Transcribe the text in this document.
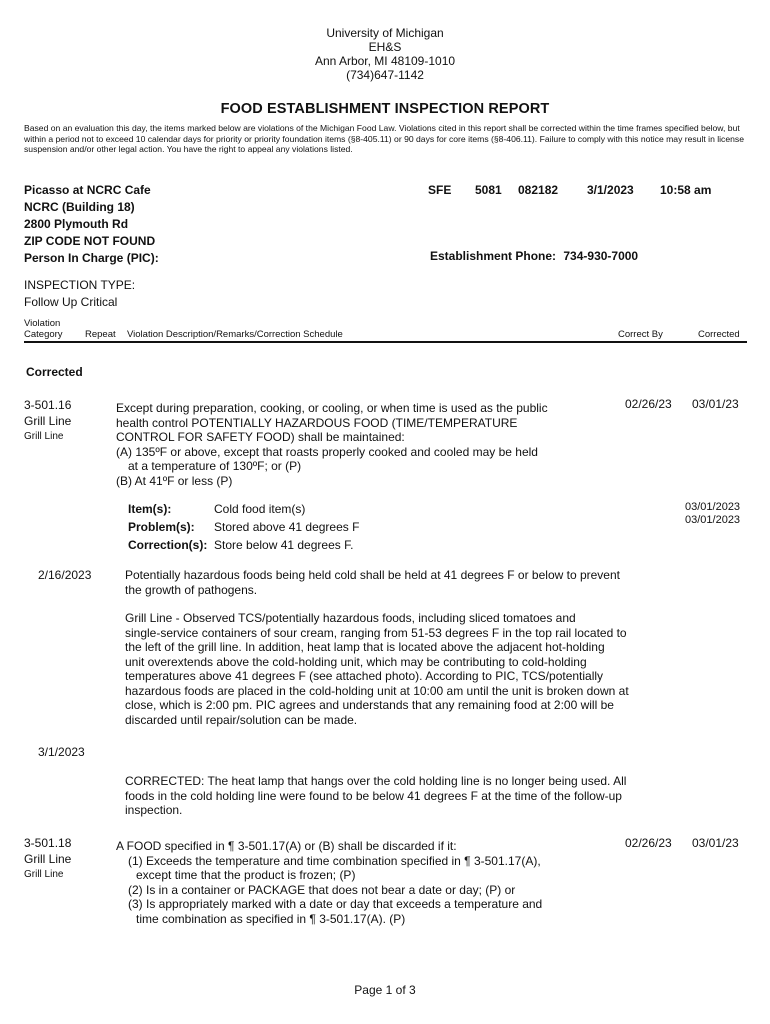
University of Michigan
EH&S
Ann Arbor, MI 48109-1010
(734)647-1142
FOOD ESTABLISHMENT INSPECTION REPORT
Based on an evaluation this day, the items marked below are violations of the Michigan Food Law. Violations cited in this report shall be corrected within the time frames specified below, but within a period not to exceed 10 calendar days for priority or priority foundation items (§8-405.11) or 90 days for core items (§8-406.11). Failure to comply with this notice may result in license suspension and/or other legal action. You have the right to appeal any violations listed.
Picasso at NCRC Cafe
NCRC (Building 18)
2800 Plymouth Rd
ZIP CODE NOT FOUND
Person In Charge (PIC):
SFE 5081 082182 3/1/2023 10:58 am
Establishment Phone: 734-930-7000
INSPECTION TYPE:
Follow Up Critical
Violation
Category Repeat Violation Description/Remarks/Correction Schedule	Correct By	Corrected
Corrected
3-501.16
Grill Line
Grill Line
Except during preparation, cooking, or cooling, or when time is used as the public
health control POTENTIALLY HAZARDOUS FOOD (TIME/TEMPERATURE
CONTROL FOR SAFETY FOOD) shall be maintained:
(A) 135ºF or above, except that roasts properly cooked and cooled may be held
at a temperature of 130ºF; or (P)
(B) At 41ºF or less (P)
02/26/23 03/01/23
Item(s):	Cold food item(s)
Problem(s):	Stored above 41 degrees F
Correction(s): Store below 41 degrees F.
03/01/2023
03/01/2023
2/16/2023	Potentially hazardous foods being held cold shall be held at 41 degrees F or below to prevent
the growth of pathogens.
Grill Line - Observed TCS/potentially hazardous foods, including sliced tomatoes and
single-service containers of sour cream, ranging from 51-53 degrees F in the top rail located to
the left of the grill line. In addition, heat lamp that is located above the adjacent hot-holding
unit overextends above the cold-holding unit, which may be contributing to cold-holding
temperatures above 41 degrees F (see attached photo). According to PIC, TCS/potentially
hazardous foods are placed in the cold-holding unit at 10:00 am until the unit is broken down at
close, which is 2:00 pm. PIC agrees and understands that any remaining food at 2:00 will be
discarded until repair/solution can be made.
3/1/2023
CORRECTED: The heat lamp that hangs over the cold holding line is no longer being used. All
foods in the cold holding line were found to be below 41 degrees F at the time of the follow-up
inspection.
3-501.18
Grill Line
Grill Line
A FOOD specified in ¶ 3-501.17(A) or (B) shall be discarded if it:
(1) Exceeds the temperature and time combination specified in ¶ 3-501.17(A),
except time that the product is frozen; (P)
(2) Is in a container or PACKAGE that does not bear a date or day; (P) or
(3) Is appropriately marked with a date or day that exceeds a temperature and
time combination as specified in ¶ 3-501.17(A). (P)
02/26/23 03/01/23
Page 1 of 3
